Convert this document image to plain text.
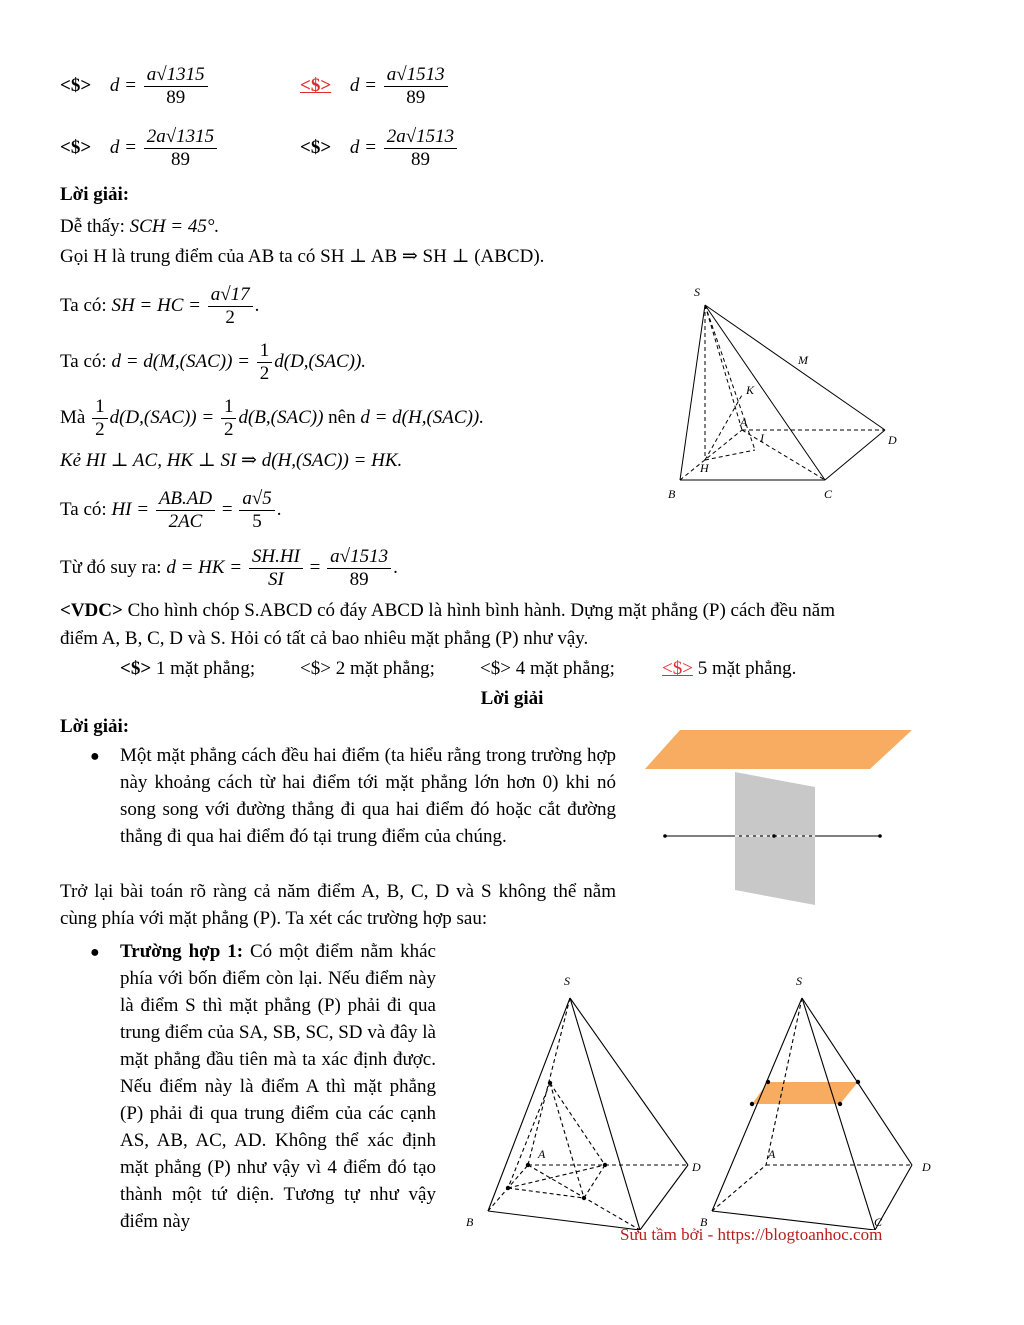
<$> $d = \frac{a√1315}{89}$	<$> $d = \frac{a√1513}{89}$
<$> $d = \frac{2a√1315}{89}$	<$> $d = \frac{2a√1513}{89}$
Lời giải:
Dễ thấy: SCH = 45°.
Gọi H là trung điểm của AB ta có SH ⊥ AB ⇒ SH ⊥ (ABCD).
Ta có: SH = HC = $\frac{a√17}{2}$ .
Ta có: $d = d(M,(SAC)) = \frac{1}{2} d(D,(SAC))$.
Mà $\frac{1}{2} d(D,(SAC)) = \frac{1}{2} d(B,(SAC))$ nên d = d(H,(SAC)).
Kẻ HI ⊥ AC, HK ⊥ SI ⇒ d(H,(SAC)) = HK.
Ta có: HI = $\frac{AB.AD}{2AC} = \frac{a√5}{5}$ .
Từ đó suy ra: d = HK = $\frac{SH.HI}{SI} = \frac{a√1513}{89}$ .
S
M
K
A
I	D
H
B	C
<VDC> Cho hình chóp S.ABCD có đáy ABCD là hình bình hành. Dựng mặt phẳng (P) cách đều năm
điểm A, B, C, D và S. Hỏi có tất cả bao nhiêu mặt phẳng (P) như vậy.
<$> 1 mặt phẳng; <$> 2 mặt phẳng; <$> 4 mặt phẳng; <$> 5 mặt phẳng.
Lời giải
Lời giải:
● Một mặt phẳng cách đều hai điểm (ta hiểu rằng trong trường hợp này khoảng cách từ hai điểm tới mặt phẳng lớn hơn 0) khi nó song song với đường thẳng đi qua hai điểm đó hoặc cắt đường thẳng đi qua hai điểm đó tại trung điểm của chúng.
Trở lại bài toán rõ ràng cả năm điểm A, B, C, D và S không thể nằm cùng phía với mặt phẳng (P). Ta xét các trường hợp sau:
● Trường hợp 1: Có một điểm nằm khác phía với bốn điểm còn lại. Nếu điểm này là điểm S thì mặt phẳng (P) phải đi qua trung điểm của SA, SB, SC, SD và đây là mặt phẳng đầu tiên mà ta xác định được. Nếu điểm này là điểm A thì mặt phẳng (P) phải đi qua trung điểm của các cạnh AS, AB, AC, AD. Không thể xác định mặt phẳng (P) như vậy vì 4 điểm đó tạo thành một tứ diện. Tương tự như vậy điểm này
S
A
D
B
S
A
D
B	C
Sưu tầm bởi - https://blogtoanhoc.com
